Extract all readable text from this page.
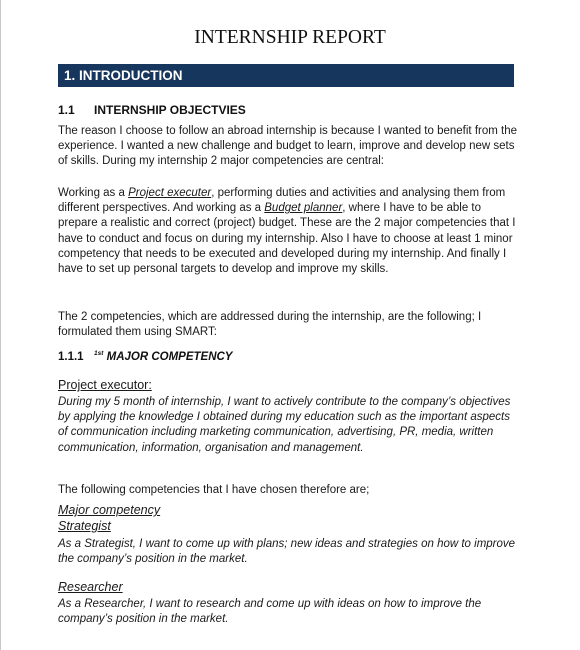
INTERNSHIP REPORT
1. INTRODUCTION
1.1 INTERNSHIP OBJECTVIES

The reason I choose to follow an abroad internship is because I wanted to benefit from the experience. I wanted a new challenge and budget to learn, improve and develop new sets of skills. During my internship 2 major competencies are central:

Working as a Project executer, performing duties and activities and analysing them from different perspectives. And working as a Budget planner, where I have to be able to prepare a realistic and correct (project) budget. These are the 2 major competencies that I have to conduct and focus on during my internship. Also I have to choose at least 1 minor competency that needs to be executed and developed during my internship. And finally I have to set up personal targets to develop and improve my skills.

The 2 competencies, which are addressed during the internship, are the following; I formulated them using SMART:

1.1.1 $^{1st}$ MAJOR COMPETENCY
Project executor:

During my 5 month of internship, I want to actively contribute to the company’s objectives by applying the knowledge I obtained during my education such as the important aspects of communication including marketing communication, advertising, PR, media, written communication, information, organisation and management.

The following competencies that I have chosen therefore are;

Major competency
Strategist

As a Strategist, I want to come up with plans; new ideas and strategies on how to improve the company’s position in the market.

Researcher

As a Researcher, I want to research and come up with ideas on how to improve the company’s position in the market.
